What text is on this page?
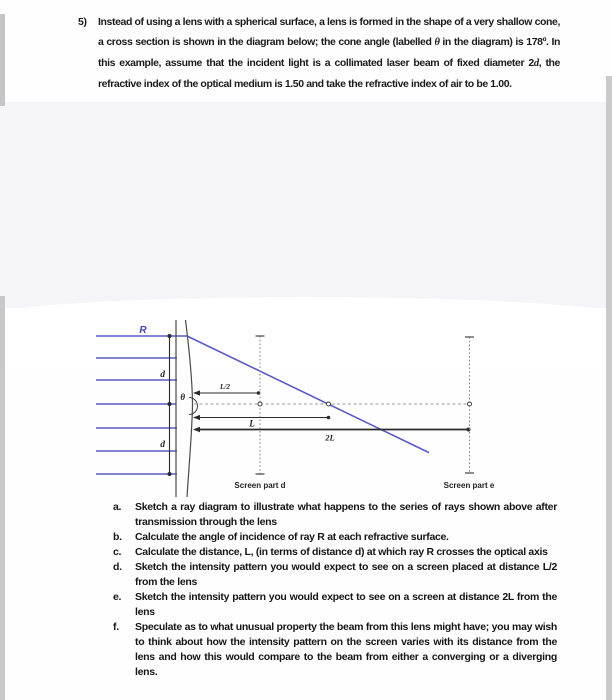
5)	Instead of using a lens with a spherical surface, a lens is formed in the shape of a very shallow cone, a cross section is shown in the diagram below; the cone angle (labelled θ in the diagram) is 178º. In this example, assume that the incident light is a collimated laser beam of fixed diameter 2d, the refractive index of the optical medium is 1.50 and take the refractive index of air to be 1.00.

d
d
θ
R
L/2
L
2L
Screen part d	Screen part e
a.	Sketch a ray diagram to illustrate what happens to the series of rays shown above after transmission through the lens
b.	Calculate the angle of incidence of ray R at each refractive surface.
c.	Calculate the distance, L, (in terms of distance d) at which ray R crosses the optical axis
d.	Sketch the intensity pattern you would expect to see on a screen placed at distance L/2 from the lens
e.	Sketch the intensity pattern you would expect to see on a screen at distance 2L from the lens
f.	Speculate as to what unusual property the beam from this lens might have; you may wish to think about how the intensity pattern on the screen varies with its distance from the lens and how this would compare to the beam from either a converging or a diverging lens.
